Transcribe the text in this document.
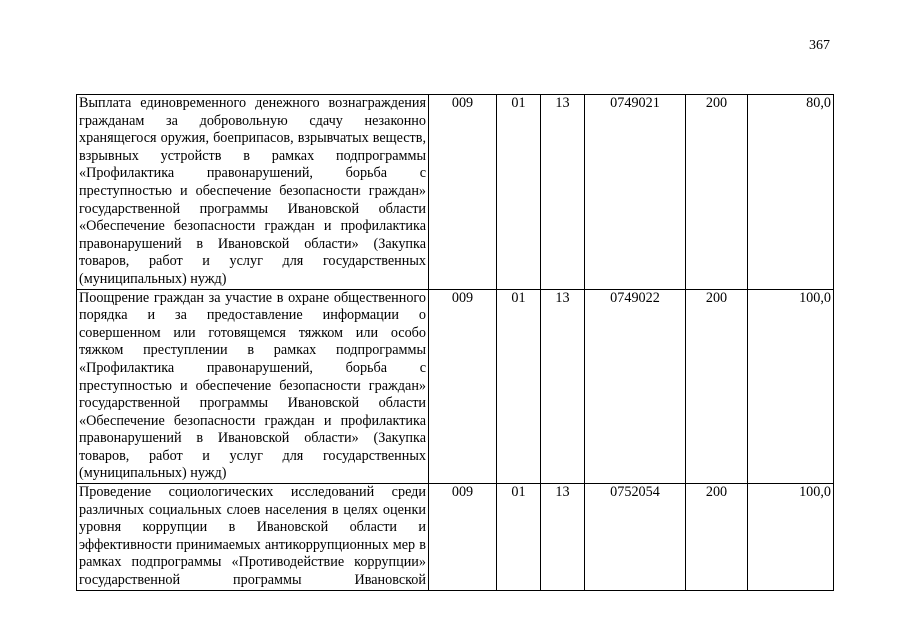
367
Выплата единовременного денежного вознаграждения гражданам за добровольную сдачу незаконно хранящегося оружия, боеприпасов, взрывчатых веществ, взрывных устройств в рамках подпрограммы «Профилактика правонарушений, борьба с преступностью и обеспечение безопасности граждан» государственной программы Ивановской области «Обеспечение безопасности граждан и профилактика правонарушений в Ивановской области» (Закупка товаров, работ и услуг для государственных (муниципальных) нужд)	009	01	13	0749021	200	80,0
Поощрение граждан за участие в охране общественного порядка и за предоставление информации о совершенном или готовящемся тяжком или особо тяжком преступлении в рамках подпрограммы «Профилактика правонарушений, борьба с преступностью и обеспечение безопасности граждан» государственной программы Ивановской области «Обеспечение безопасности граждан и профилактика правонарушений в Ивановской области» (Закупка товаров, работ и услуг для государственных (муниципальных) нужд)	009	01	13	0749022	200	100,0
Проведение социологических исследований среди различных социальных слоев населения в целях оценки уровня коррупции в Ивановской области и эффективности принимаемых антикоррупционных мер в рамках подпрограммы «Противодействие коррупции» государственной программы Ивановской	009	01	13	0752054	200	100,0
